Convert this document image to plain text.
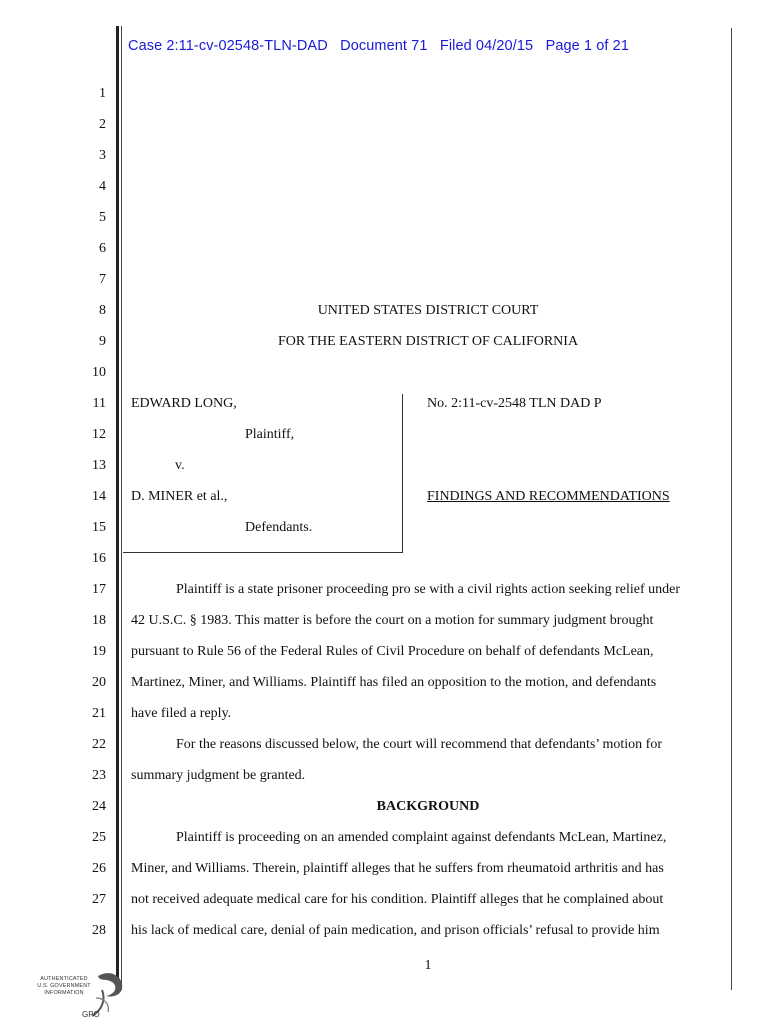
Case 2:11-cv-02548-TLN-DAD   Document 71   Filed 04/20/15   Page 1 of 21
1
2
3
4
5
6
7
8
9
10
11
12
13
14
15
16
17
18
19
20
21
22
23
24
25
26
27
28
UNITED STATES DISTRICT COURT
FOR THE EASTERN DISTRICT OF CALIFORNIA
EDWARD LONG,
Plaintiff,
v.
D. MINER et al.,
Defendants.
No. 2:11-cv-2548 TLN DAD P
FINDINGS AND RECOMMENDATIONS
Plaintiff is a state prisoner proceeding pro se with a civil rights action seeking relief under
42 U.S.C. § 1983. This matter is before the court on a motion for summary judgment brought
pursuant to Rule 56 of the Federal Rules of Civil Procedure on behalf of defendants McLean,
Martinez, Miner, and Williams. Plaintiff has filed an opposition to the motion, and defendants
have filed a reply.
For the reasons discussed below, the court will recommend that defendants’ motion for
summary judgment be granted.
BACKGROUND
Plaintiff is proceeding on an amended complaint against defendants McLean, Martinez,
Miner, and Williams. Therein, plaintiff alleges that he suffers from rheumatoid arthritis and has
not received adequate medical care for his condition. Plaintiff alleges that he complained about
his lack of medical care, denial of pain medication, and prison officials’ refusal to provide him
1
AUTHENTICATED
U.S. GOVERNMENT
INFORMATION
GPO
